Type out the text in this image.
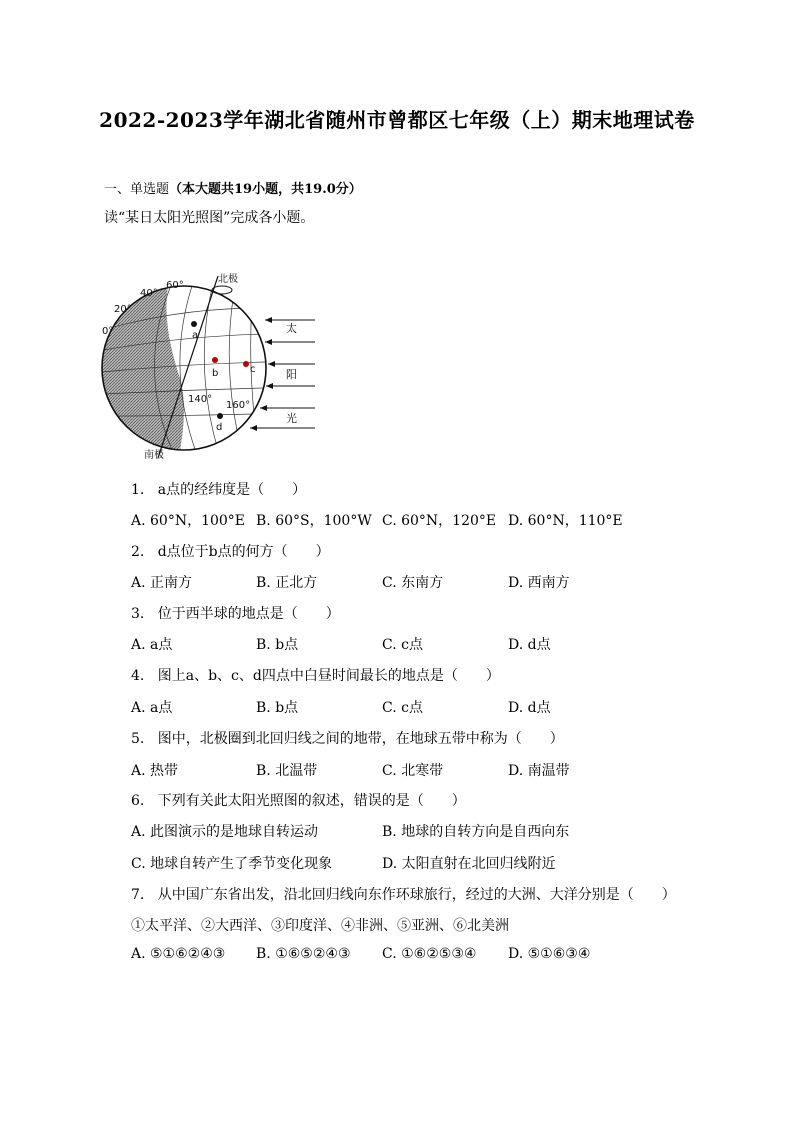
2022-2023学年湖北省随州市曾都区七年级（上）期末地理试卷
一、单选题（本大题共19小题，共19.0分）
读“某日太阳光照图”完成各小题。
北极
南极
60°
40°
20°
0°
140°
160°
a
b	c
d
太
阳
光
1. a点的经纬度是（　　）
A. 60°N，100°E B. 60°S，100°W C. 60°N，120°E D. 60°N，110°E
2. d点位于b点的何方（　　）
A. 正南方	B. 正北方	C. 东南方	D. 西南方
3. 位于西半球的地点是（　　）
A. a点	B. b点	C. c点	D. d点
4. 图上a、b、c、d四点中白昼时间最长的地点是（　　）
A. a点	B. b点	C. c点	D. d点
5. 图中，北极圈到北回归线之间的地带，在地球五带中称为（　　）
A. 热带	B. 北温带	C. 北寒带	D. 南温带
6. 下列有关此太阳光照图的叙述，错误的是（　　）
A. 此图演示的是地球自转运动	B. 地球的自转方向是自西向东
C. 地球自转产生了季节变化现象	D. 太阳直射在北回归线附近
7. 从中国广东省出发，沿北回归线向东作环球旅行，经过的大洲、大洋分别是（　　）
①太平洋、②大西洋、③印度洋、④非洲、⑤亚洲、⑥北美洲
A. ⑤①⑥②④③ B. ①⑥⑤②④③ C. ①⑥②⑤③④ D. ⑤①⑥③④
